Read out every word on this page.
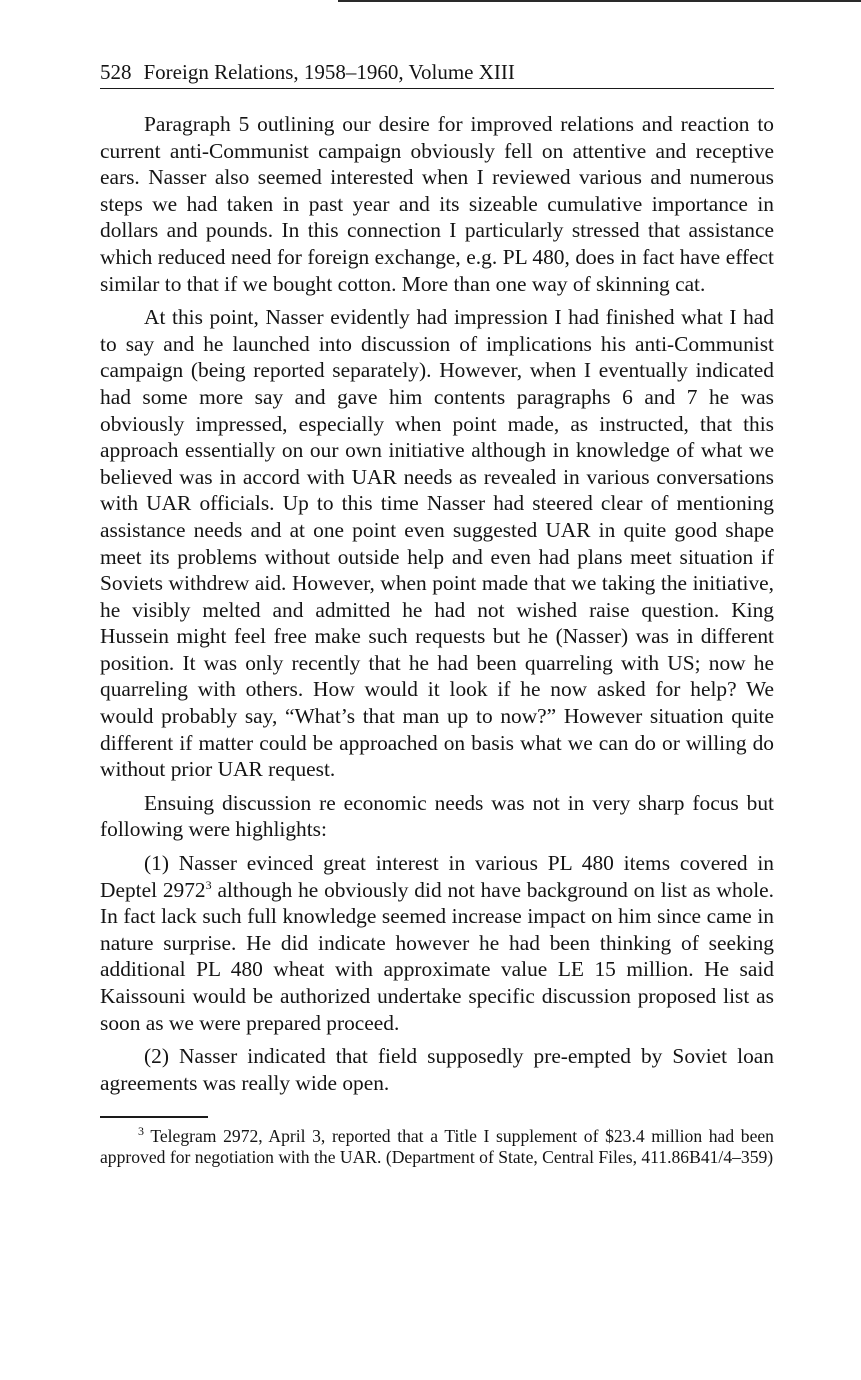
528 Foreign Relations, 1958–1960, Volume XIII

Paragraph 5 outlining our desire for improved relations and reaction to current anti-Communist campaign obviously fell on attentive and receptive ears. Nasser also seemed interested when I reviewed various and numerous steps we had taken in past year and its sizeable cumulative importance in dollars and pounds. In this connection I particularly stressed that assistance which reduced need for foreign exchange, e.g. PL 480, does in fact have effect similar to that if we bought cotton. More than one way of skinning cat.

At this point, Nasser evidently had impression I had finished what I had to say and he launched into discussion of implications his anti-Communist campaign (being reported separately). However, when I eventually indicated had some more say and gave him contents paragraphs 6 and 7 he was obviously impressed, especially when point made, as instructed, that this approach essentially on our own initiative although in knowledge of what we believed was in accord with UAR needs as revealed in various conversations with UAR officials. Up to this time Nasser had steered clear of mentioning assistance needs and at one point even suggested UAR in quite good shape meet its problems without outside help and even had plans meet situation if Soviets withdrew aid. However, when point made that we taking the initiative, he visibly melted and admitted he had not wished raise question. King Hussein might feel free make such requests but he (Nasser) was in different position. It was only recently that he had been quarreling with US; now he quarreling with others. How would it look if he now asked for help? We would probably say, “What’s that man up to now?” However situation quite different if matter could be approached on basis what we can do or willing do without prior UAR request.

Ensuing discussion re economic needs was not in very sharp focus but following were highlights:

(1) Nasser evinced great interest in various PL 480 items covered in Deptel 2972$^3$ although he obviously did not have background on list as whole. In fact lack such full knowledge seemed increase impact on him since came in nature surprise. He did indicate however he had been thinking of seeking additional PL 480 wheat with approximate value LE 15 million. He said Kaissouni would be authorized undertake specific discussion proposed list as soon as we were prepared proceed.

(2) Nasser indicated that field supposedly pre-empted by Soviet loan agreements was really wide open.

$^3$ Telegram 2972, April 3, reported that a Title I supplement of $23.4 million had been approved for negotiation with the UAR. (Department of State, Central Files, 411.86B41/4–359)
